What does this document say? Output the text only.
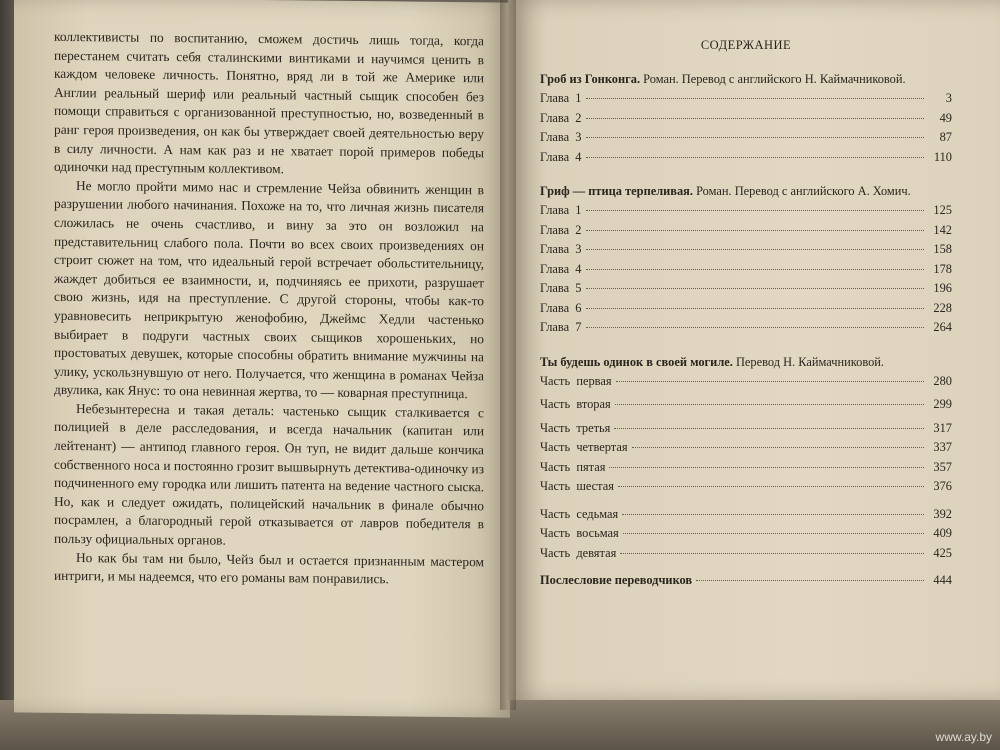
коллективисты по воспитанию, сможем достичь лишь тогда, когда перестанем считать себя сталинскими винтиками и научимся ценить в каждом человеке личность. Понятно, вряд ли в той же Америке или Англии реальный шериф или реальный частный сыщик способен без помощи справиться с организованной преступностью, но, возведенный в ранг героя произведения, он как бы утверждает своей деятельностью веру в силу личности. А нам как раз и не хватает порой примеров победы одиночки над преступным коллективом.

Не могло пройти мимо нас и стремление Чейза обвинить женщин в разрушении любого начинания. Похоже на то, что личная жизнь писателя сложилась не очень счастливо, и вину за это он возложил на представительниц слабого пола. Почти во всех своих произведениях он строит сюжет на том, что идеальный герой встречает обольстительницу, жаждет добиться ее взаимности, и, подчиняясь ее прихоти, разрушает свою жизнь, идя на преступление. С другой стороны, чтобы как-то уравновесить неприкрытую женофобию, Джеймс Хедли частенько выбирает в подруги частных своих сыщиков хорошеньких, но простоватых девушек, которые способны обратить внимание мужчины на улику, ускользнувшую от него. Получается, что женщина в романах Чейза двулика, как Янус: то она невинная жертва, то — коварная преступница.

Небезынтересна и такая деталь: частенько сыщик сталкивается с полицией в деле расследования, и всегда начальник (капитан или лейтенант) — антипод главного героя. Он туп, не видит дальше кончика собственного носа и постоянно грозит вышвырнуть детектива-одиночку из подчиненного ему городка или лишить патента на ведение частного сыска. Но, как и следует ожидать, полицейский начальник в финале обычно посрамлен, а благородный герой отказывается от лавров победителя в пользу официальных органов.

Но как бы там ни было, Чейз был и остается признанным мастером интриги, и мы надеемся, что его романы вам понравились.

СОДЕРЖАНИЕ
Гроб из Гонконга. Роман. Перевод с английского Н. Каймачниковой.
Глава  1	3
Глава  2	49
Глава  3	87
Глава  4	110
Гриф — птица терпеливая. Роман. Перевод с английского А. Хомич.
Глава  1	125
Глава  2	142
Глава  3	158
Глава  4	178
Глава  5	196
Глава  6	228
Глава  7	264
Ты будешь одинок в своей могиле. Перевод Н. Каймачниковой.
Часть  первая	280
Часть  вторая	299
Часть  третья	317
Часть  четвертая	337
Часть  пятая	357
Часть  шестая	376
Часть  седьмая	392
Часть  восьмая	409
Часть  девятая	425
Послесловие переводчиков	444
www.ay.by
